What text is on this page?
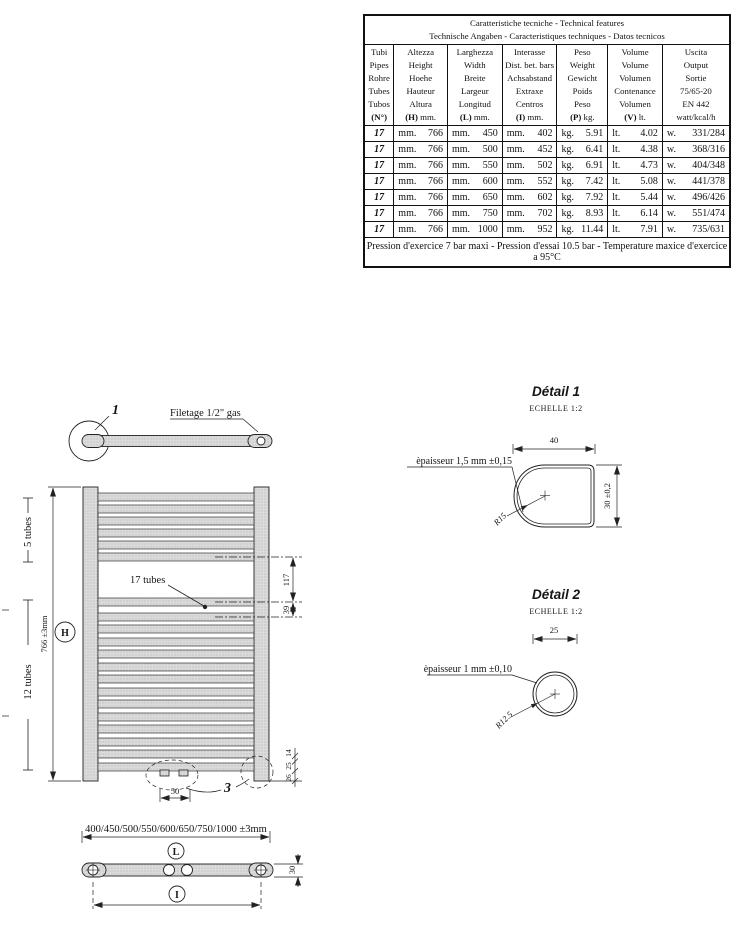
1	Filetage 1/2" gas
5 tubes
12 tubes
766 ±3mm H
17 tubes	117
39
3
50
14
25
26
400/450/500/550/600/650/750/1000 ±3mm
L
30
I
Détail 1
ECHELLE 1:2
40
30 ±0,2
èpaisseur 1,5 mm ±0,15
R15
Détail 2
ECHELLE 1:2
25
èpaisseur 1 mm ±0,10
R12.5
Caratteristiche tecniche - Technical features
Technische Angaben - Caracteristiques techniques - Datos tecnicos						

Tubi
Pipes
Rohre
Tubes
Tubos
(N°)

Altezza
Height
Hoehe
Hauteur
Altura
(H) mm.

Larghezza
Width
Breite
Largeur
Longitud
(L) mm.

Interasse
Dist. bet. bars
Achsabstand
Extraxe
Centros
(I) mm.

Peso
Weight
Gewicht
Poids
Peso
(P) kg.

Volume
Volume
Volumen
Contenance
Volumen
(V) lt.

Uscita
Output
Sortie
75/65-20
EN 442
watt/kcal/h

17	mm. 766	mm. 450	mm. 402	kg. 5.91	lt. 4.02	w. 331/284

17	mm. 766	mm. 500	mm. 452	kg. 6.41	lt. 4.38	w. 368/316

17	mm. 766	mm. 550	mm. 502	kg. 6.91	lt. 4.73	w. 404/348

17	mm. 766	mm. 600	mm. 552	kg. 7.42	lt. 5.08	w. 441/378

17	mm. 766	mm. 650	mm. 602	kg. 7.92	lt. 5.44	w. 496/426

17	mm. 766	mm. 750	mm. 702	kg. 8.93	lt. 6.14	w. 551/474

17	mm. 766	mm. 1000	mm. 952	kg. 11.44	lt. 7.91	w. 735/631

Pression d'exercice 7 bar maxi - Pression d'essai 10.5 bar - Temperature maxice d'exercice a 95°C						
